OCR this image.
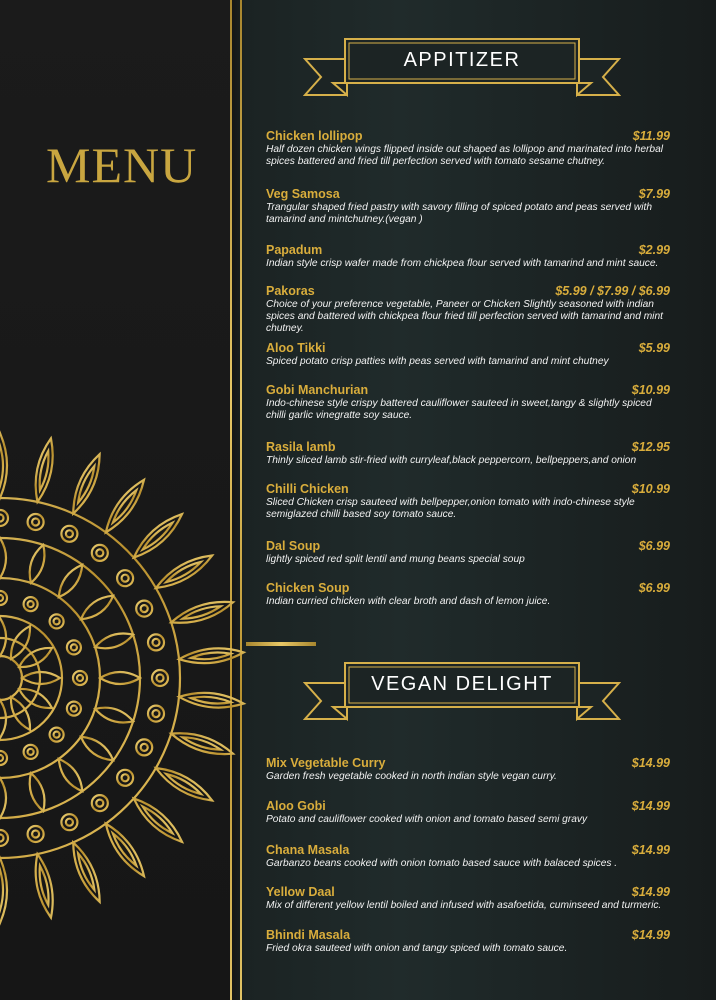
MENU
APPITIZER
VEGAN DELIGHT
Chicken lollipop	$11.99
Half dozen chicken wings flipped inside out shaped as lollipop and marinated into herbal spices battered and fried till perfection served with tomato sesame chutney.
Veg Samosa	$7.99
Trangular shaped fried pastry with savory filling of spiced potato and peas served with tamarind and mintchutney.(vegan )
Papadum	$2.99
Indian style crisp wafer made from chickpea flour served with tamarind and mint sauce.
Pakoras	$5.99 / $7.99 / $6.99
Choice of your preference vegetable, Paneer or Chicken Slightly seasoned with indian spices and battered with chickpea flour fried till perfection served with tamarind and mint chutney.
Aloo Tikki	$5.99
Spiced potato crisp patties with peas served with tamarind and mint chutney
Gobi Manchurian	$10.99
Indo-chinese style crispy battered cauliflower sauteed in sweet,tangy & slightly spiced chilli garlic vinegratte soy sauce.
Rasila lamb	$12.95
Thinly sliced lamb stir-fried with curryleaf,black peppercorn, bellpeppers,and onion
Chilli Chicken	$10.99
Sliced Chicken crisp sauteed with bellpepper,onion tomato with indo-chinese style semiglazed chilli based soy tomato sauce.
Dal Soup	$6.99
lightly spiced red split lentil and mung beans special soup
Chicken Soup	$6.99
Indian curried chicken with clear broth and dash of lemon juice.
Mix Vegetable Curry	$14.99
Garden fresh vegetable cooked in north indian style vegan curry.
Aloo Gobi	$14.99
Potato and cauliflower cooked with onion and tomato based semi gravy
Chana Masala	$14.99
Garbanzo beans cooked with onion tomato based sauce with balaced spices .
Yellow Daal	$14.99
Mix of different yellow lentil boiled and infused with asafoetida, cuminseed and turmeric.
Bhindi Masala	$14.99
Fried okra sauteed with onion and tangy spiced with tomato sauce.
